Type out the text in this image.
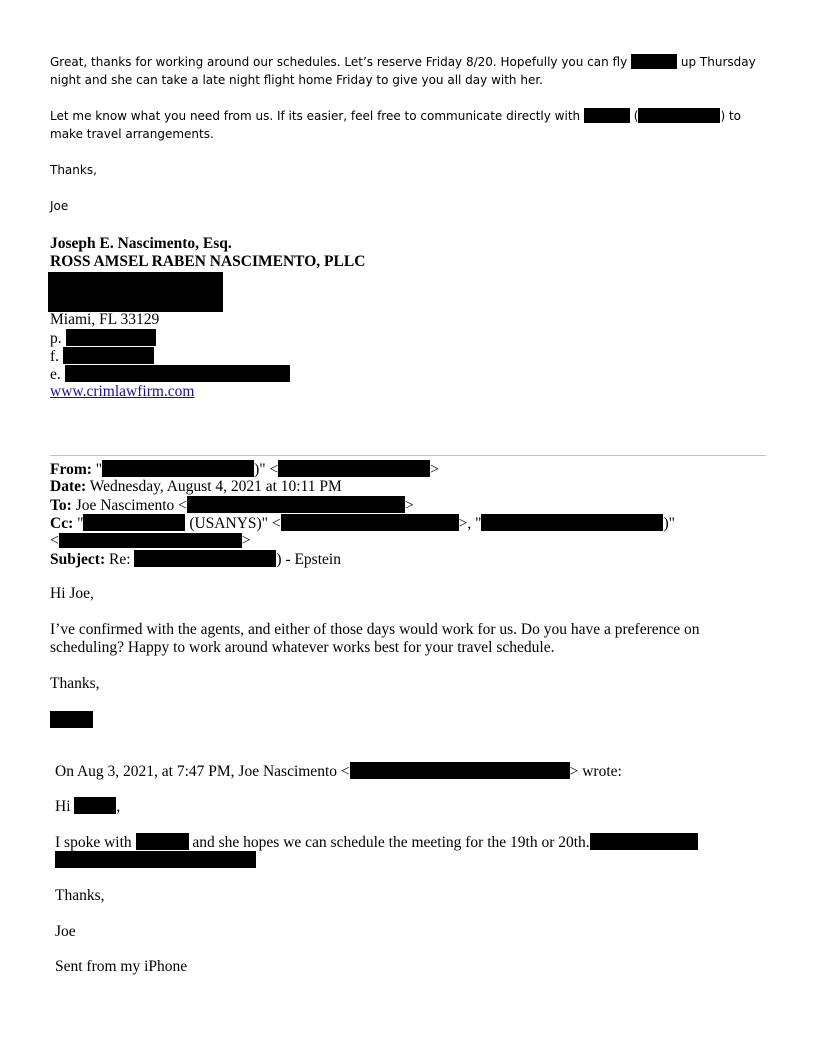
Great, thanks for working around our schedules. Let’s reserve Friday 8/20. Hopefully you can fly	up Thursday

night and she can take a late night flight home Friday to give you all day with her.

Let me know what you need from us. If its easier, feel free to communicate directly with	(	) to

make travel arrangements.

Thanks,

Joe

Joseph E. Nascimento, Esq.

ROSS AMSEL RABEN NASCIMENTO, PLLC

Miami, FL 33129

p.

f.

e.

www.crimlawfirm.com

From: "	)" <	>

Date: Wednesday, August 4, 2021 at 10:11 PM

To: Joe Nascimento <	>

Cc: "	(USANYS)" <	>, "	)"

<	>

Subject: Re:	) - Epstein

Hi Joe,

I’ve confirmed with the agents, and either of those days would work for us. Do you have a preference on

scheduling? Happy to work around whatever works best for your travel schedule.

Thanks,

On Aug 3, 2021, at 7:47 PM, Joe Nascimento <	> wrote:

Hi	,

I spoke with	and she hopes we can schedule the meeting for the 19th or 20th.

Thanks,

Joe

Sent from my iPhone
